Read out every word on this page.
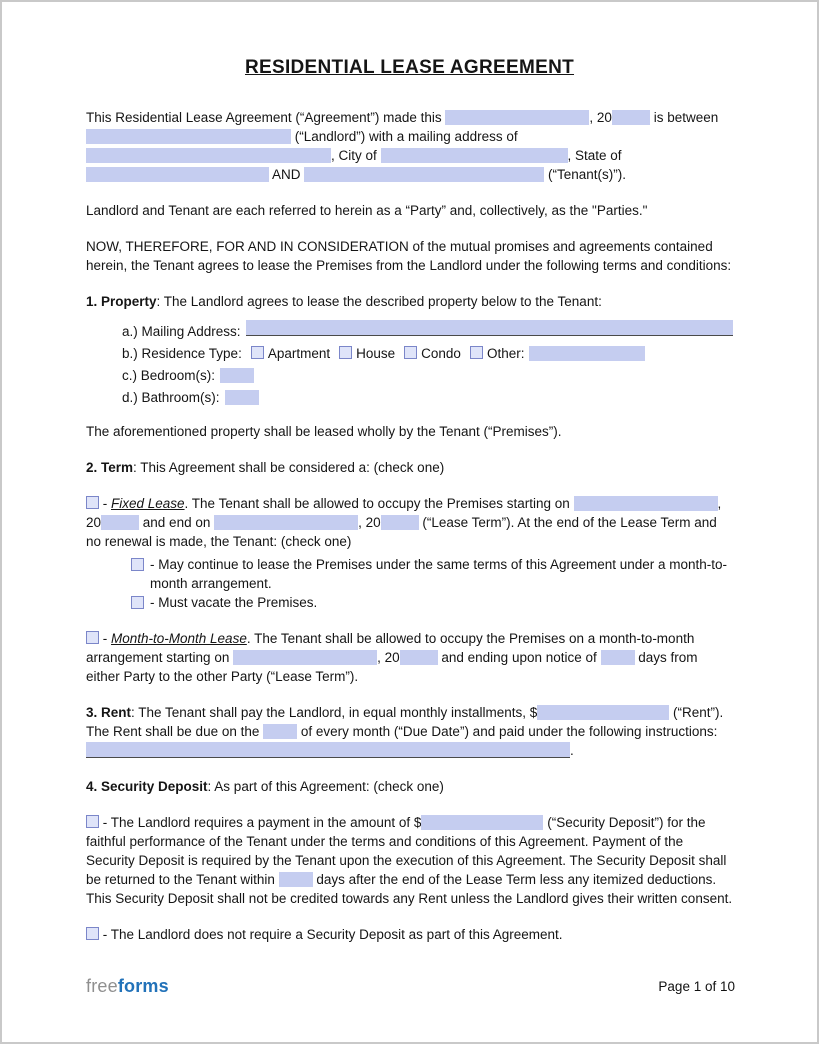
RESIDENTIAL LEASE AGREEMENT

This Residential Lease Agreement (“Agreement”) made this	, 20	is between  (“Landlord”) with a mailing address of , City of	, State of  AND	(“Tenant(s)”).

Landlord and Tenant are each referred to herein as a “Party” and, collectively, as the "Parties."

NOW, THEREFORE, FOR AND IN CONSIDERATION of the mutual promises and agreements contained herein, the Tenant agrees to lease the Premises from the Landlord under the following terms and conditions:

1. Property: The Landlord agrees to lease the described property below to the Tenant:

a.) Mailing Address:
b.) Residence Type: Apartment House Condo Other:
c.) Bedroom(s):
d.) Bathroom(s):

The aforementioned property shall be leased wholly by the Tenant (“Premises”).

2. Term: This Agreement shall be considered a: (check one)

- Fixed Lease. The Tenant shall be allowed to occupy the Premises starting on	, 20	and end on	, 20	(“Lease Term”). At the end of the Lease Term and no renewal is made, the Tenant: (check one)

- May continue to lease the Premises under the same terms of this Agreement under a month-to-month arrangement.
- Must vacate the Premises.

- Month-to-Month Lease. The Tenant shall be allowed to occupy the Premises on a month-to-month arrangement starting on	, 20	and ending upon notice of	days from either Party to the other Party (“Lease Term”).

3. Rent: The Tenant shall pay the Landlord, in equal monthly installments, $	(“Rent”). The Rent shall be due on the	of every month (“Due Date”) and paid under the following instructions: .

4. Security Deposit: As part of this Agreement: (check one)

- The Landlord requires a payment in the amount of $	(“Security Deposit”) for the faithful performance of the Tenant under the terms and conditions of this Agreement. Payment of the Security Deposit is required by the Tenant upon the execution of this Agreement. The Security Deposit shall be returned to the Tenant within	days after the end of the Lease Term less any itemized deductions. This Security Deposit shall not be credited towards any Rent unless the Landlord gives their written consent.

- The Landlord does not require a Security Deposit as part of this Agreement.

freeforms	Page 1 of 10
